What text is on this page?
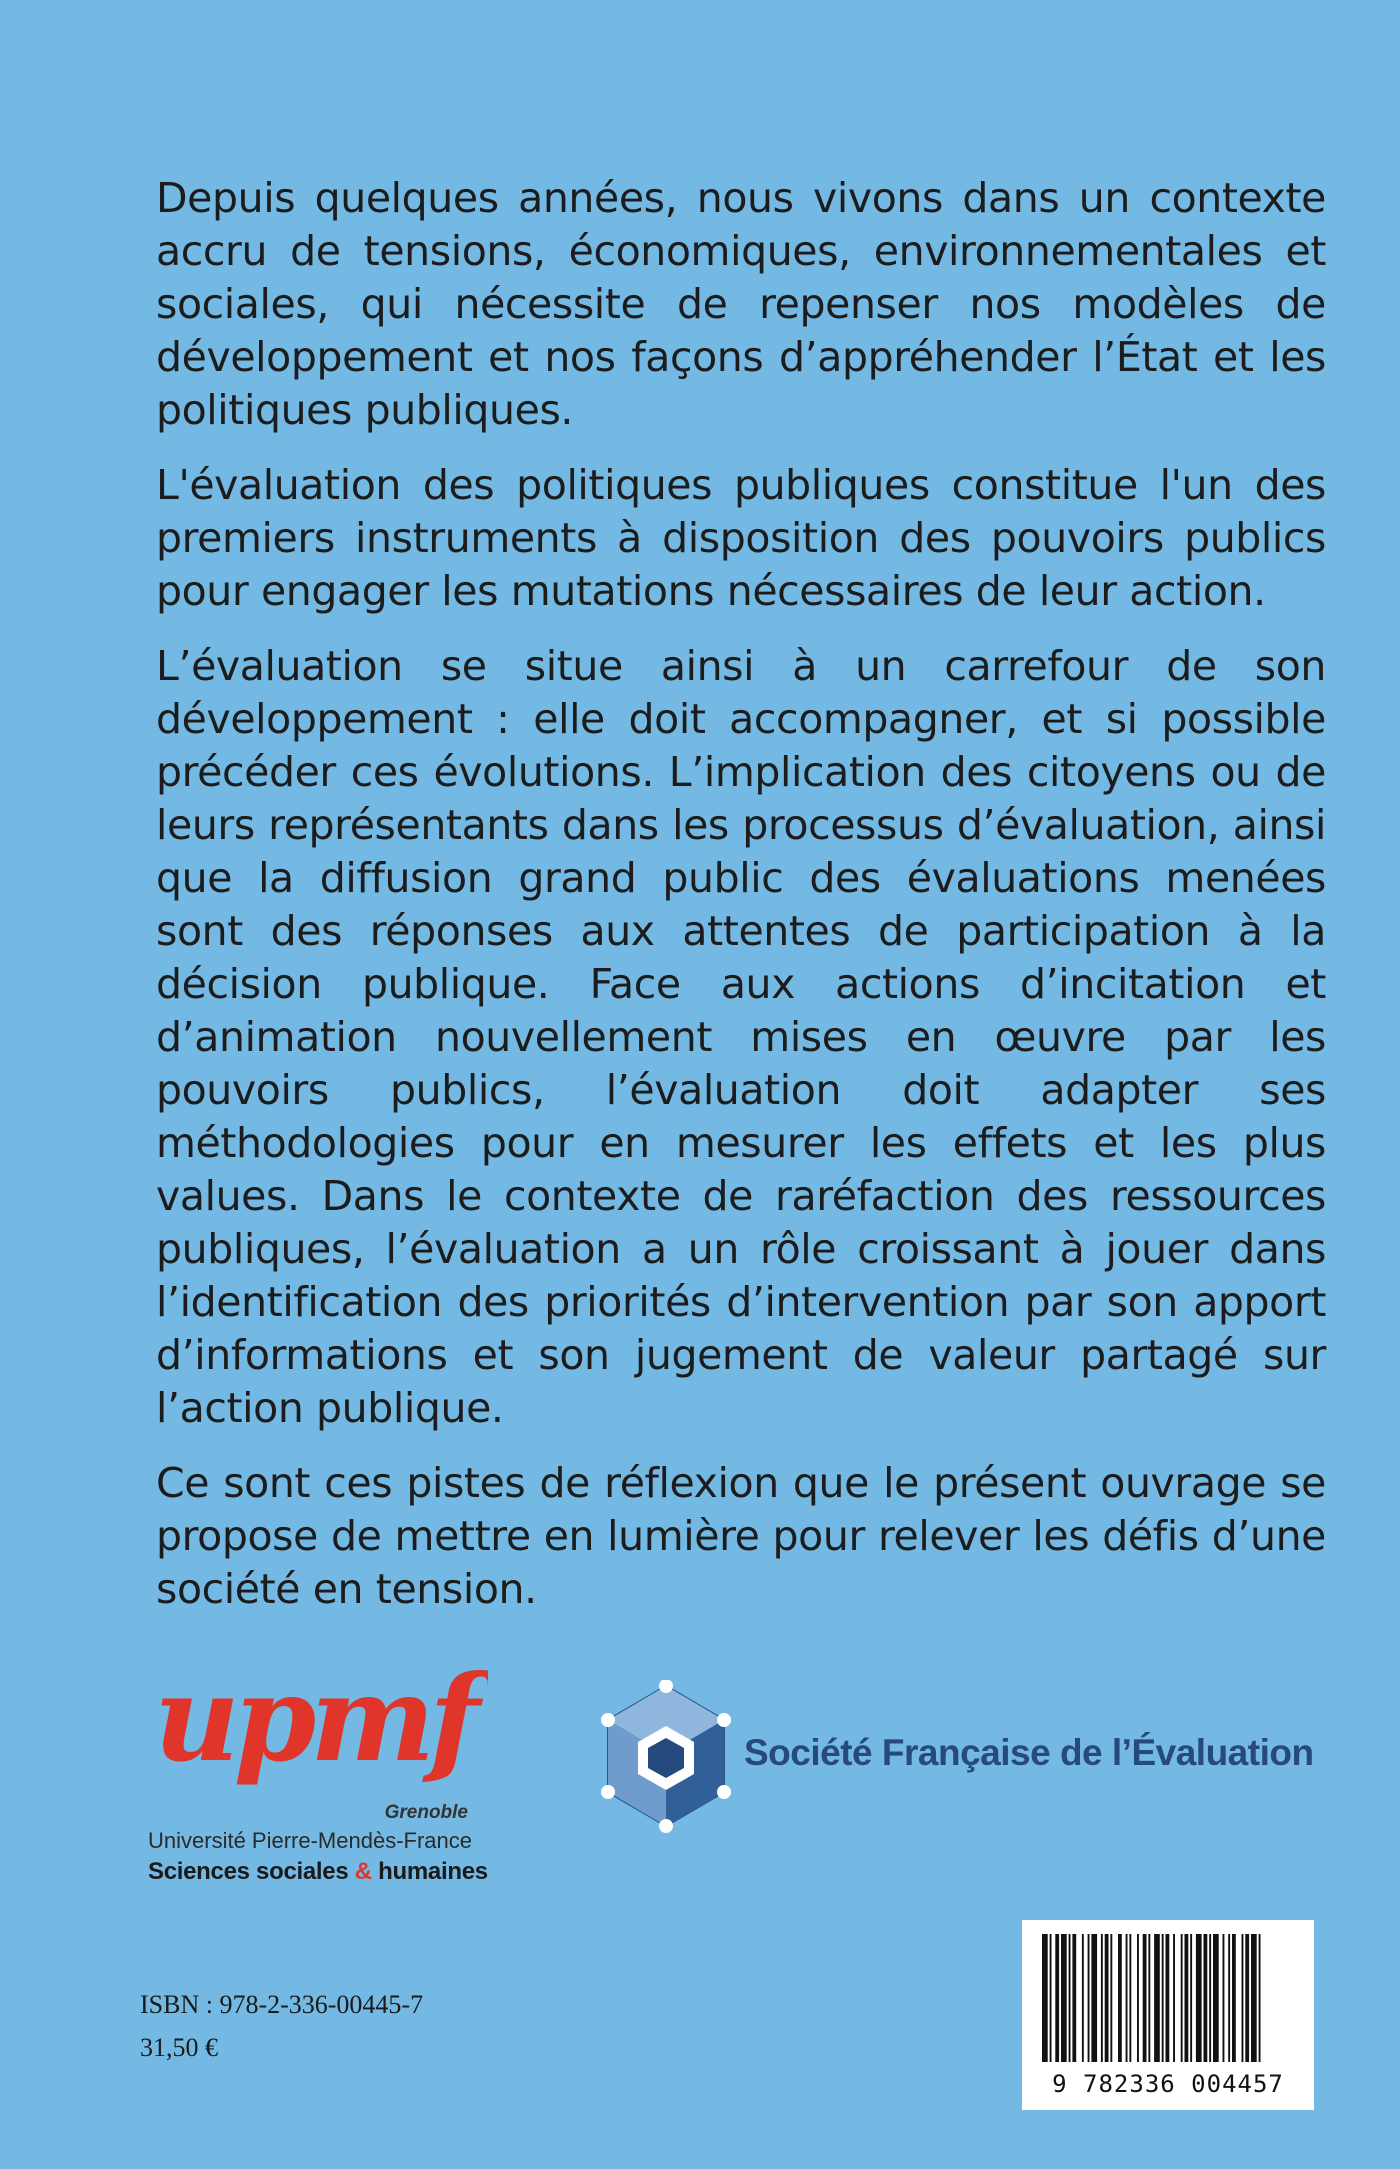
Depuis quelques années, nous vivons dans un contexte accru de tensions, économiques, environnementales et sociales, qui nécessite de repenser nos modèles de développement et nos façons d’appréhender l’État et les politiques publiques.

L'évaluation des politiques publiques constitue l'un des premiers instruments à disposition des pouvoirs publics pour engager les mutations nécessaires de leur action.

L’évaluation se situe ainsi à un carrefour de son développement : elle doit accompagner, et si possible précéder ces évolutions. L’implication des citoyens ou de leurs représentants dans les processus d’évaluation, ainsi que la diffusion grand public des évaluations menées sont des réponses aux attentes de participation à la décision publique. Face aux actions d’incitation et d’animation nouvellement mises en œuvre par les pouvoirs publics, l’évaluation doit adapter ses méthodologies pour en mesurer les effets et les plus values. Dans le contexte de raréfaction des ressources publiques, l’évaluation a un rôle croissant à jouer dans l’identification des priorités d’intervention par son apport d’informations et son jugement de valeur partagé sur l’action publique.

Ce sont ces pistes de réflexion que le présent ouvrage se propose de mettre en lumière pour relever les défis d’une société en tension.

upmf
Grenoble
Université Pierre-Mendès-France
Sciences sociales & humaines
Société Française de l’Évaluation
9 782336 004457
ISBN : 978-2-336-00445-7
31,50 €
